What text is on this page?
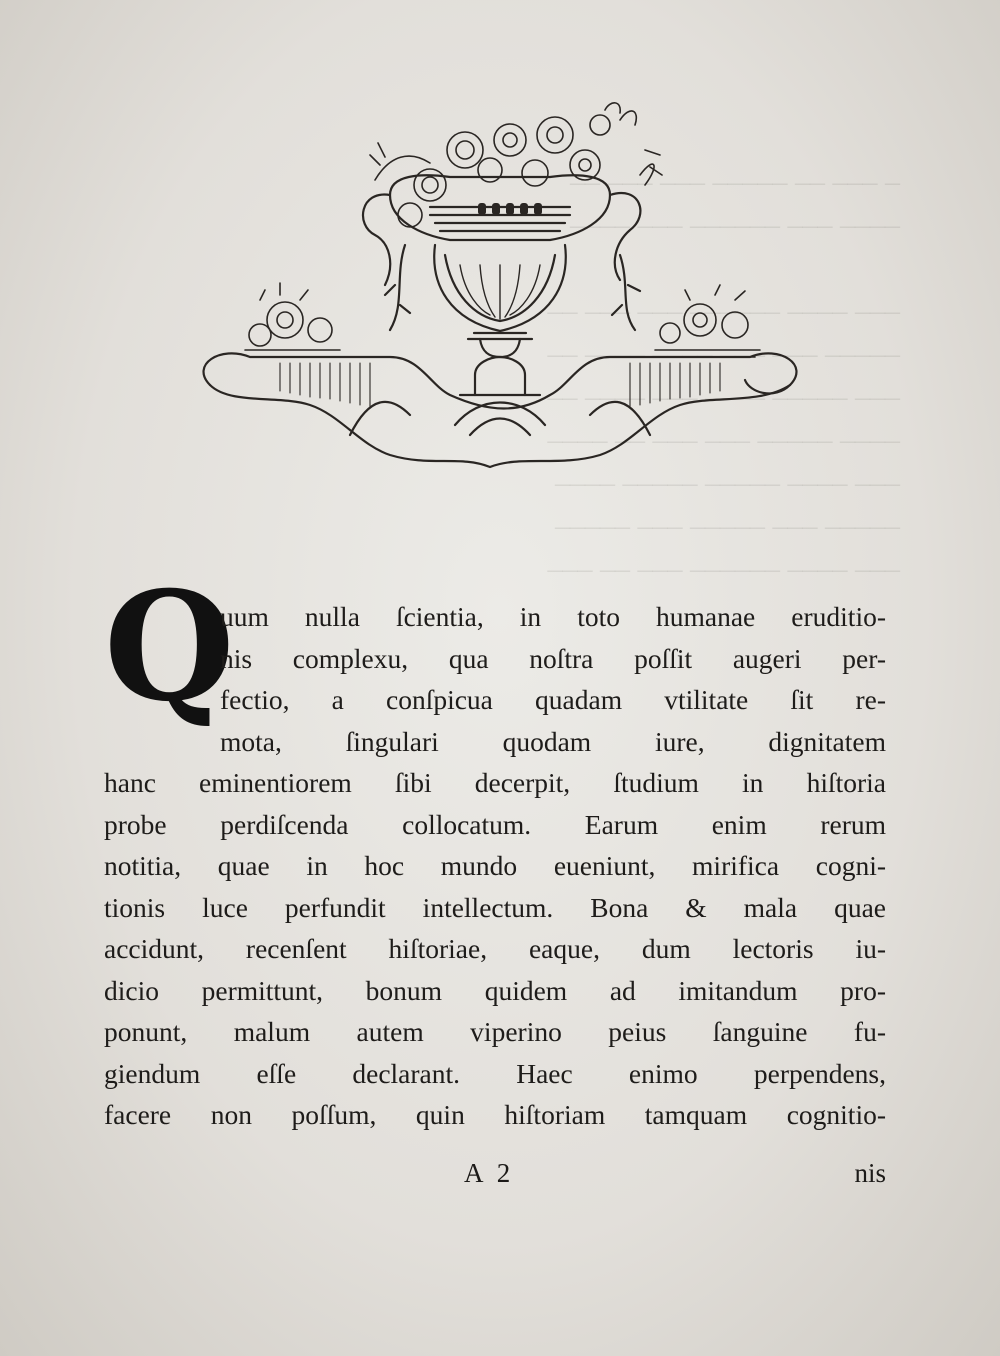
‒ ‒‒‒ ‒‒ ‒‒‒‒‒ ‒‒‒ ‒‒‒ ‒‒
‒‒‒‒ ‒‒‒ ‒‒‒‒‒‒ ‒‒‒ ‒‒‒‒

‒‒‒ ‒‒‒‒ ‒‒‒‒‒‒ ‒‒‒ ‒‒‒ ‒‒
‒‒‒‒‒ ‒‒‒ ‒‒‒ ‒‒‒‒ ‒‒‒‒ ‒‒
‒‒‒ ‒‒‒‒‒ ‒‒‒‒ ‒‒‒ ‒‒‒‒ ‒‒
‒‒‒‒ ‒‒‒‒‒ ‒‒‒ ‒‒‒ ‒‒ ‒‒‒‒
‒‒‒ ‒‒‒‒ ‒‒‒‒‒ ‒‒‒‒‒ ‒‒‒‒
‒‒‒‒‒ ‒‒‒ ‒‒‒‒‒ ‒‒‒ ‒‒‒‒‒
‒‒‒ ‒‒‒‒ ‒‒‒‒‒‒ ‒‒‒ ‒‒ ‒‒‒
Q
uum nulla ſcientia, in toto humanae eruditio-
nis complexu, qua noſtra poſſit augeri per-
fectio, a conſpicua quadam vtilitate ſit re-
mota, ſingulari quodam iure, dignitatem
hanc eminentiorem ſibi decerpit, ſtudium in hiſtoria
probe perdiſcenda collocatum. Earum enim rerum
notitia, quae in hoc mundo eueniunt, mirifica cogni-
tionis luce perfundit intellectum. Bona & mala quae
accidunt, recenſent hiſtoriae, eaque, dum lectoris iu-
dicio permittunt, bonum quidem ad imitandum pro-
ponunt, malum autem viperino peius ſanguine fu-
giendum eſſe declarant. Haec enimo perpendens,
facere non poſſum, quin hiſtoriam tamquam cognitio-
A 2	nis
